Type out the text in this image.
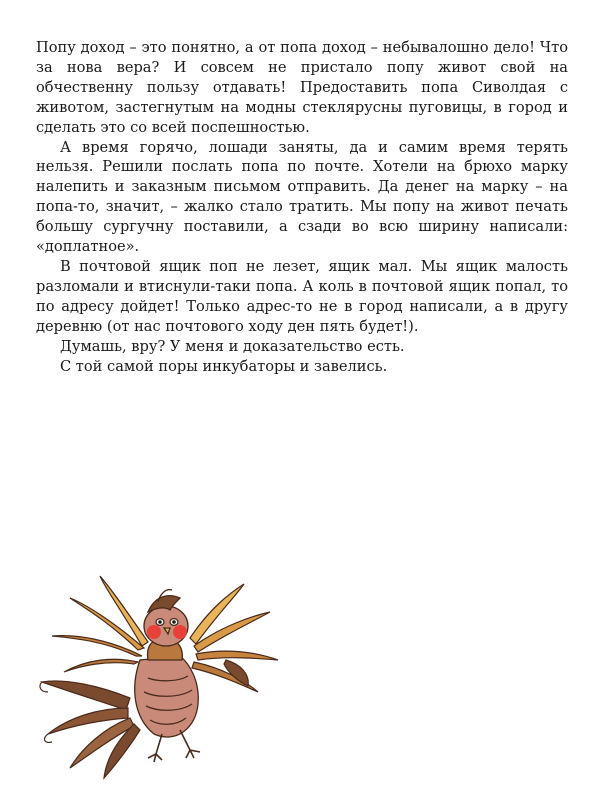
Попу доход – это понятно, а от попа доход – небывалошно дело! Что за нова вера? И совсем не пристало попу живот свой на обчественну пользу отдавать! Предоставить попа Сиволдая с животом, застегнутым на модны стеклярусны пуговицы, в город и сделать это со всей поспешностью.

А время горячо, лошади заняты, да и самим время терять нельзя. Решили послать попа по почте. Хотели на брюхо марку налепить и заказным письмом отправить. Да денег на марку – на попа-то, значит, – жалко стало тратить. Мы попу на живот печать большу сургучну поставили, а сзади во всю ширину написали: «доплатное».

В почтовой ящик поп не лезет, ящик мал. Мы ящик малость разломали и втиснули-таки попа. А коль в почтовой ящик попал, то по адресу дойдет! Только адрес-то не в город написали, а в другу деревню (от нас почтового ходу ден пять будет!).

Думашь, вру? У меня и доказательство есть.

С той самой поры инкубаторы и завелись.
